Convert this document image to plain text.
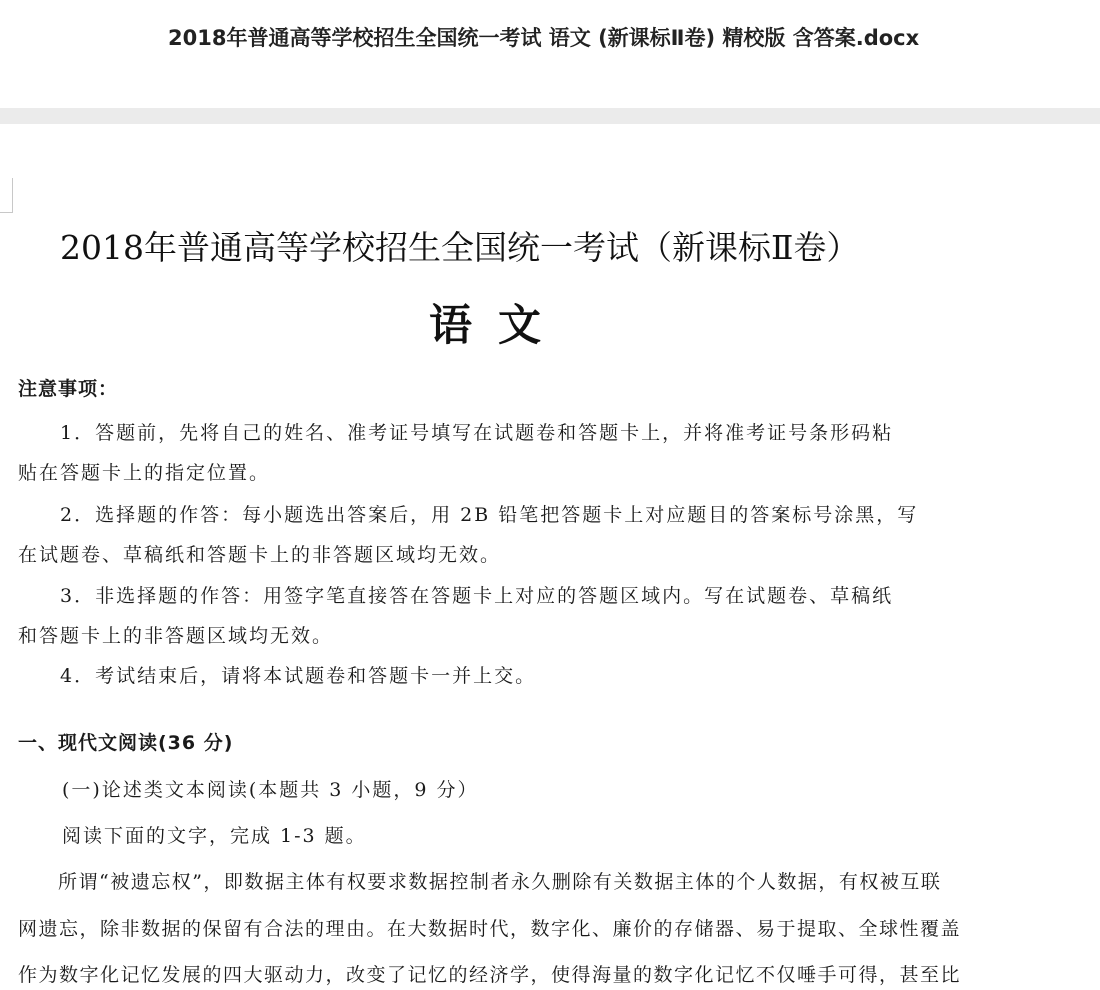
2018年普通高等学校招生全国统一考试 语文 (新课标Ⅱ卷) 精校版 含答案.docx
2018年普通高等学校招生全国统一考试（新课标Ⅱ卷）
语文
注意事项：
1．答题前，先将自己的姓名、准考证号填写在试题卷和答题卡上，并将准考证号条形码粘
贴在答题卡上的指定位置。
2．选择题的作答：每小题选出答案后，用 2B 铅笔把答题卡上对应题目的答案标号涂黑，写
在试题卷、草稿纸和答题卡上的非答题区域均无效。
3．非选择题的作答：用签字笔直接答在答题卡上对应的答题区域内。写在试题卷、草稿纸
和答题卡上的非答题区域均无效。
4．考试结束后，请将本试题卷和答题卡一并上交。
一、现代文阅读(36 分)
(一)论述类文本阅读(本题共 3 小题，9 分）
阅读下面的文字，完成 1-3 题。
所谓“被遗忘权”，即数据主体有权要求数据控制者永久删除有关数据主体的个人数据，有权被互联
网遗忘，除非数据的保留有合法的理由。在大数据时代，数字化、廉价的存储器、易于提取、全球性覆盖
作为数字化记忆发展的四大驱动力，改变了记忆的经济学，使得海量的数字化记忆不仅唾手可得，甚至比
